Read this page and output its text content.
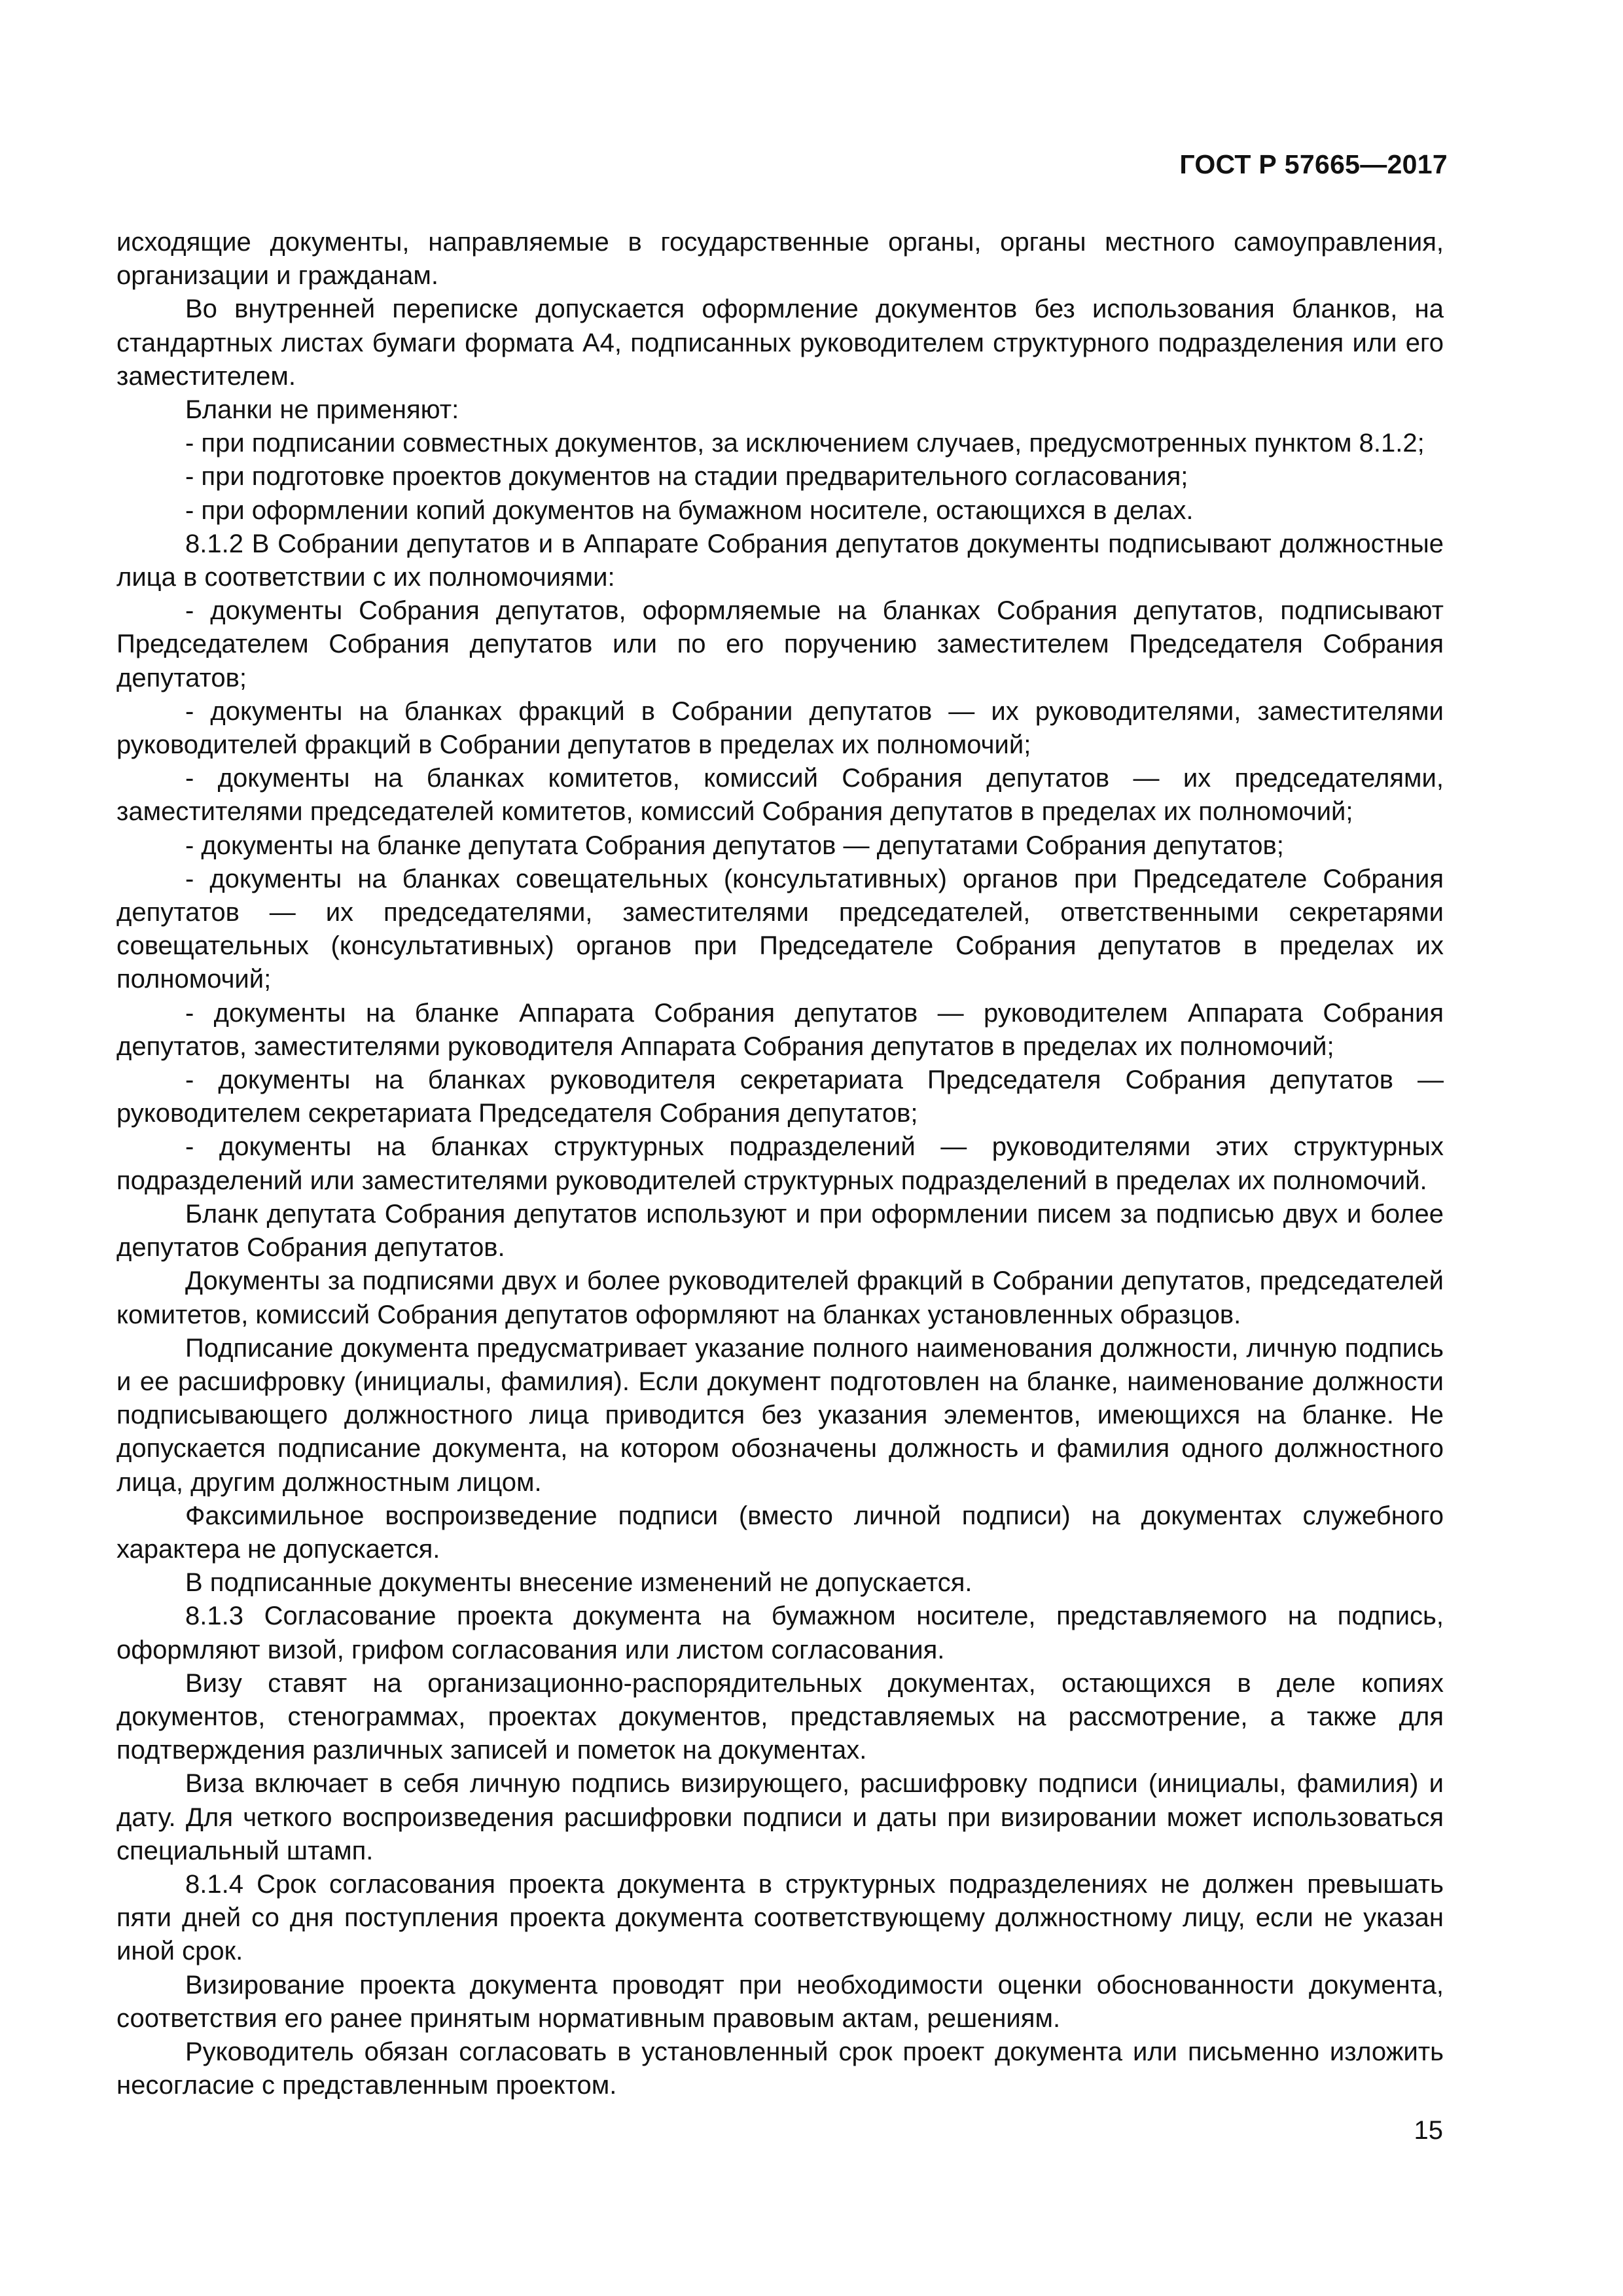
ГОСТ Р 57665—2017

исходящие документы, направляемые в государственные органы, органы местного самоуправления, организации и гражданам.

Во внутренней переписке допускается оформление документов без использования бланков, на стандартных листах бумаги формата А4, подписанных руководителем структурного подразделения или его заместителем.

Бланки не применяют:

- при подписании совместных документов, за исключением случаев, предусмотренных пунктом 8.1.2;

- при подготовке проектов документов на стадии предварительного согласования;

- при оформлении копий документов на бумажном носителе, остающихся в делах.

8.1.2 В Собрании депутатов и в Аппарате Собрания депутатов документы подписывают должностные лица в соответствии с их полномочиями:

- документы Собрания депутатов, оформляемые на бланках Собрания депутатов, подписывают Председателем Собрания депутатов или по его поручению заместителем Председателя Собрания депутатов;

- документы на бланках фракций в Собрании депутатов — их руководителями, заместителями руководителей фракций в Собрании депутатов в пределах их полномочий;

- документы на бланках комитетов, комиссий Собрания депутатов — их председателями, заместителями председателей комитетов, комиссий Собрания депутатов в пределах их полномочий;

- документы на бланке депутата Собрания депутатов — депутатами Собрания депутатов;

- документы на бланках совещательных (консультативных) органов при Председателе Собрания депутатов — их председателями, заместителями председателей, ответственными секретарями совещательных (консультативных) органов при Председателе Собрания депутатов в пределах их полномочий;

- документы на бланке Аппарата Собрания депутатов — руководителем Аппарата Собрания депутатов, заместителями руководителя Аппарата Собрания депутатов в пределах их полномочий;

- документы на бланках руководителя секретариата Председателя Собрания депутатов — руководителем секретариата Председателя Собрания депутатов;

- документы на бланках структурных подразделений — руководителями этих структурных подразделений или заместителями руководителей структурных подразделений в пределах их полномочий.

Бланк депутата Собрания депутатов используют и при оформлении писем за подписью двух и более депутатов Собрания депутатов.

Документы за подписями двух и более руководителей фракций в Собрании депутатов, председателей комитетов, комиссий Собрания депутатов оформляют на бланках установленных образцов.

Подписание документа предусматривает указание полного наименования должности, личную подпись и ее расшифровку (инициалы, фамилия). Если документ подготовлен на бланке, наименование должности подписывающего должностного лица приводится без указания элементов, имеющихся на бланке. Не допускается подписание документа, на котором обозначены должность и фамилия одного должностного лица, другим должностным лицом.

Факсимильное воспроизведение подписи (вместо личной подписи) на документах служебного характера не допускается.

В подписанные документы внесение изменений не допускается.

8.1.3 Согласование проекта документа на бумажном носителе, представляемого на подпись, оформляют визой, грифом согласования или листом согласования.

Визу ставят на организационно-распорядительных документах, остающихся в деле копиях документов, стенограммах, проектах документов, представляемых на рассмотрение, а также для подтверждения различных записей и пометок на документах.

Виза включает в себя личную подпись визирующего, расшифровку подписи (инициалы, фамилия) и дату. Для четкого воспроизведения расшифровки подписи и даты при визировании может использоваться специальный штамп.

8.1.4 Срок согласования проекта документа в структурных подразделениях не должен превышать пяти дней со дня поступления проекта документа соответствующему должностному лицу, если не указан иной срок.

Визирование проекта документа проводят при необходимости оценки обоснованности документа, соответствия его ранее принятым нормативным правовым актам, решениям.

Руководитель обязан согласовать в установленный срок проект документа или письменно изложить несогласие с представленным проектом.

15
